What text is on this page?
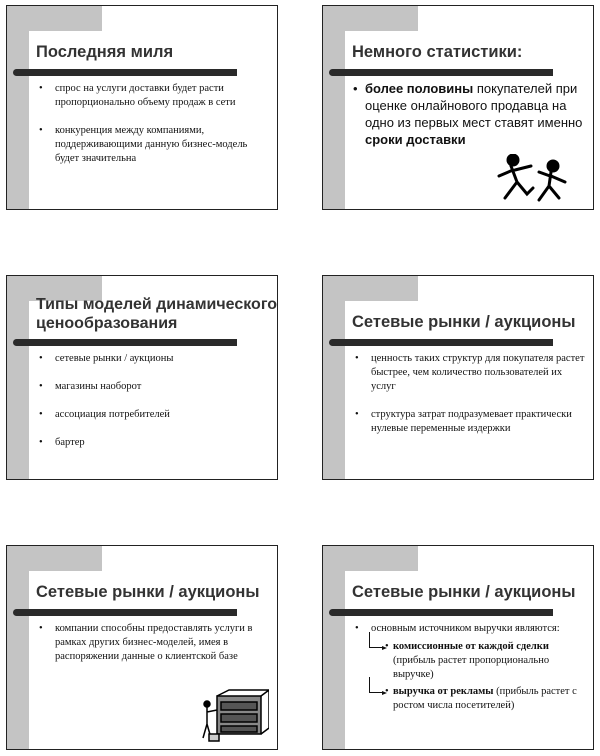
Последняя миля
• спрос на услуги доставки будет расти пропорционально объему продаж в сети
• конкуренция между компаниями, поддерживающими данную бизнес-модель будет значительна
Немного статистики:
• более половины покупателей при оценке онлайнового продавца на одно из первых мест ставят именно сроки доставки
Типы моделей динамического ценообразования
• сетевые рынки / аукционы
• магазины наоборот
• ассоциация потребителей
• бартер
Сетевые рынки / аукционы
• ценность таких структур для покупателя растет быстрее, чем количество пользователей их услуг
• структура затрат подразумевает практически нулевые переменные издержки
Сетевые рынки / аукционы
• компании способны предоставлять услуги в рамках других бизнес-моделей, имея в распоряжении данные о клиентской базе
Сетевые рынки / аукционы
• основным источником выручки являются:
• комиссионные от каждой сделки (прибыль растет пропорционально выручке)
• выручка от рекламы (прибыль растет с ростом числа посетителей)
